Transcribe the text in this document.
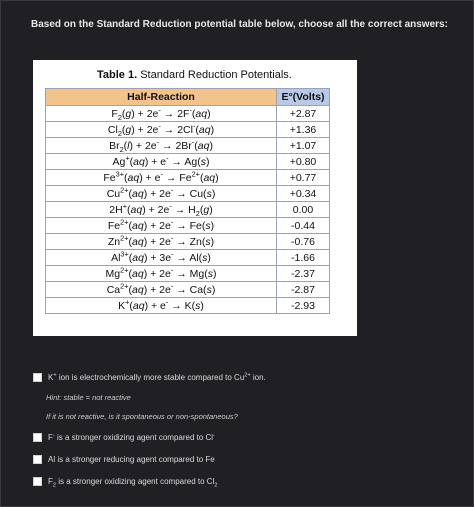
Based on the Standard Reduction potential table below, choose all the correct answers:
Table 1. Standard Reduction Potentials.
Half-Reaction	E°(Volts)
$F_2(g) + 2e^- \to 2F^-(aq)$	+2.87
$Cl_2(g) + 2e^- \to 2Cl^-(aq)$	+1.36
$Br_2(l) + 2e^- \to 2Br^-(aq)$	+1.07
Ag+(aq) + e- → Ag(s)	+0.80
$Fe^{3+}(aq) + e^- \to Fe^{2+}(aq)$	+0.77
$Cu^{2+}(aq) + 2e^- \to Cu(s)$	+0.34
$2H^+(aq) + 2e^- \to H_2(g)$	0.00
$Fe^{2+}(aq) + 2e^- \to Fe(s)$	-0.44
$Zn^{2+}(aq) + 2e^- \to Zn(s)$	-0.76
$Al^{3+}(aq) + 3e^- \to Al(s)$	-1.66
$Mg^{2+}(aq) + 2e^- \to Mg(s)$	-2.37
$Ca^{2+}(aq) + 2e^- \to Ca(s)$	-2.87
K+(aq) + e- → K(s)	-2.93
K+ ion is electrochemically more stable compared to $Cu^{2+}$ ion.
Hint: stable = not reactive
If it is not reactive, is it spontaneous or non-spontaneous?
F- is a stronger oxidizing agent compared to Cl-
Al is a stronger reducing agent compared to Fe
$F_2$ is a stronger oxidizing agent compared to $Cl_2$
